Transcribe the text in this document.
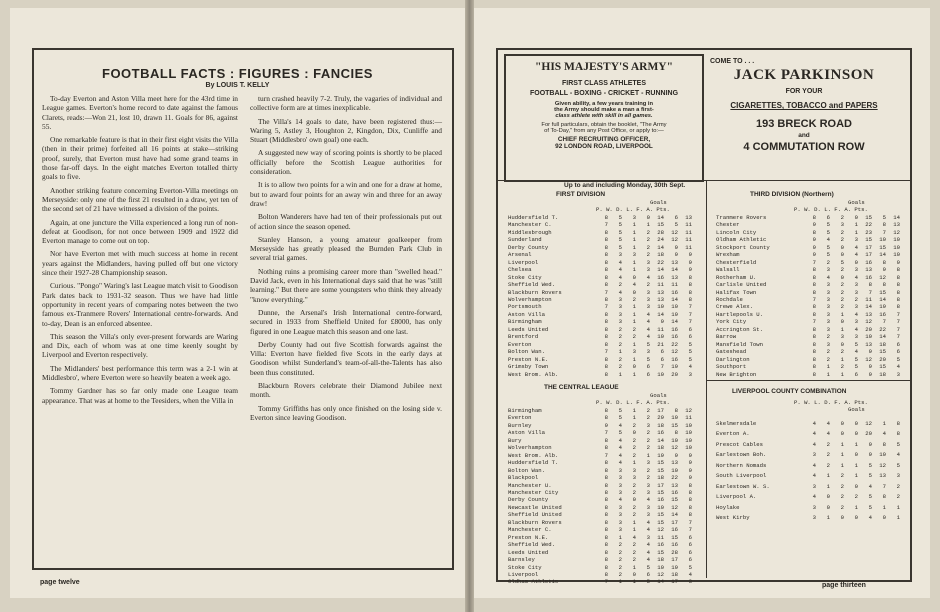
FOOTBALL FACTS : FIGURES : FANCIES
By LOUIS T. KELLY

To-day Everton and Aston Villa meet here for the 43rd time in League games. Everton's home record to date against the famous Clarets, reads:—Won 21, lost 10, drawn 11. Goals for 86, against 55.

One remarkable feature is that in their first eight visits the Villa (then in their prime) forfeited all 16 points at stake—striking proof, surely, that Everton must have had some grand teams in those far-off days. In the eight matches Everton totalled thirty goals to five.

Another striking feature concerning Everton-Villa meetings on Merseyside: only one of the first 21 resulted in a draw, yet ten of the second set of 21 have witnessed a division of the points.

Again, at one juncture the Villa experienced a long run of non-defeat at Goodison, for not once between 1909 and 1922 did Everton manage to come out on top.

Nor have Everton met with much success at home in recent years against the Midlanders, having pulled off but one victory since their 1927-28 Championship season.

Curious. "Pongo" Waring's last League match visit to Goodison Park dates back to 1931-32 season. Thus we have had little opportunity in recent years of comparing notes between the two famous ex-Tranmere Rovers' International centre-forwards. And to-day, Dean is an enforced absentee.

This season the Villa's only ever-present forwards are Waring and Dix, each of whom was at one time keenly sought by Liverpool and Everton respectively.

The Midlanders' best performance this term was a 2-1 win at Middlesbro', where Everton were so heavily beaten a week ago.

Tommy Gardner has so far only made one League team appearance. That was at home to the Teesiders, when the Villa in

turn crashed heavily 7-2. Truly, the vagaries of individual and collective form are at times inexplicable.

The Villa's 14 goals to date, have been registered thus:—Waring 5, Astley 3, Houghton 2, Kingdon, Dix, Cunliffe and Stuart (Middlesbro' own goal) one each.

A suggested new way of scoring points is shortly to be placed officially before the Scottish League authorities for consideration.

It is to allow two points for a win and one for a draw at home, but to award four points for an away win and three for an away draw!

Bolton Wanderers have had ten of their professionals put out of action since the season opened.

Stanley Hanson, a young amateur goalkeeper from Merseyside has greatly pleased the Burnden Park Club in several trial games.

Nothing ruins a promising career more than "swelled head." David Jack, even in his International days said that he was "still learning." But there are some youngsters who think they already "know everything."

Dunne, the Arsenal's Irish International centre-forward, secured in 1933 from Sheffield United for £8000, has only figured in one League match this season and one last.

Derby County had out five Scottish forwards against the Villa: Everton have fielded five Scots in the early days at Goodison whilst Sunderland's team-of-all-the-Talents has also been thus constituted.

Blackburn Rovers celebrate their Diamond Jubilee next month.

Tommy Griffiths has only once finished on the losing side v. Everton since leaving Goodison.

page twelve
"HIS MAJESTY'S ARMY"
FIRST CLASS ATHLETES
FOOTBALL - BOXING - CRICKET - RUNNING
Given ability, a few years training in
the Army should make a man a first-
class athlete with skill in all games.
For full particulars, obtain the booklet, "The Army
of To-Day," from any Post Office, or apply to:—
CHIEF RECRUITING OFFICER,
92 LONDON ROAD, LIVERPOOL
COME TO . . .
JACK PARKINSON
FOR YOUR
CIGARETTES, TOBACCO and PAPERS
193 BRECK ROAD
and
4 COMMUTATION ROW
Up to and including Monday, 30th Sept.
FIRST DIVISION
Goals
P. W. D. L. F. A. Pts.
Huddersfield T.	8	5	3	0	14	6	13
Manchester C.	7	5	1	1	15	5	11
Middlesbrough	8	5	1	2	28	12	11
Sunderland	8	5	1	2	24	12	11
Derby County	8	5	1	2	14	9	11
Arsenal	8	3	3	2	18	9	9
Liverpool	8	4	1	3	22	13	9
Chelsea	8	4	1	3	14	14	9
Stoke City	8	4	0	4	16	13	8
Sheffield Wed.	8	2	4	2	11	11	8
Blackburn Rovers	7	4	0	3	13	16	8
Wolverhampton	8	3	2	3	13	14	8
Portsmouth	7	3	1	3	10	10	7
Aston Villa	8	3	1	4	14	19	7
Birmingham	8	3	1	4	9	14	7
Leeds United	8	2	2	4	11	16	6
Brentford	8	2	2	4	10	16	6
Everton	8	2	1	5	21	22	5
Bolton Wan.	7	1	3	3	6	12	5
Preston N.E.	8	2	1	5	6	16	5
Grimsby Town	8	2	0	6	7	19	4
West Brom. Alb.	8	1	1	6	10	20	3
THE CENTRAL LEAGUE
Goals
P. W. D. L. F. A. Pts.
Birmingham	8	5	1	2	17	8	12
Everton	8	5	1	2	29	10	11
Burnley	9	4	2	3	18	15	10
Aston Villa	7	5	0	2	16	8	10
Bury	8	4	2	2	14	10	10
Wolverhampton	8	4	2	2	18	12	10
West Brom. Alb.	7	4	2	1	19	9	9
Huddersfield T.	8	4	1	3	15	13	9
Bolton Wan.	8	3	3	2	15	10	9
Blackpool	8	3	3	2	18	22	9
Manchester U.	8	3	2	3	17	13	8
Manchester City	8	3	2	3	15	16	8
Derby County	8	4	0	4	16	15	8
Newcastle United	8	3	2	3	10	12	8
Sheffield United	8	3	2	3	15	14	8
Blackburn Rovers	8	3	1	4	15	17	7
Manchester C.	8	3	1	4	12	16	7
Preston N.E.	8	1	4	3	11	15	6
Sheffield Wed.	8	2	2	4	16	16	6
Leeds United	8	2	2	4	15	28	6
Barnsley	8	2	2	4	18	17	6
Stoke City	8	2	1	5	10	19	5
Liverpool	8	2	0	6	12	18	4
Oldham Athletic	7	1	1	5	14	17	3
THIRD DIVISION (Northern)
Goals
P. W. D. L. F. A. Pts.
Tranmere Rovers	8	6	2	0	15	5	14
Chester	9	5	3	1	22	8	13
Lincoln City	8	5	2	1	23	7	12
Oldham Athletic	9	4	2	3	15	10	10
Stockport County	9	5	0	4	17	15	10
Wrexham	9	5	0	4	17	14	10
Chesterfield	7	2	5	0	16	8	9
Walsall	8	3	2	3	13	9	8
Rotherham U.	8	4	0	4	16	12	8
Carlisle United	8	3	2	3	8	8	8
Halifax Town	8	3	2	3	7	15	8
Rochdale	7	3	2	2	11	14	8
Crewe Alex.	8	3	2	3	14	19	8
Hartlepools U.	8	3	1	4	13	16	7
York City	7	3	0	3	12	7	7
Accrington St.	8	3	1	4	20	22	7
Barrow	8	2	3	3	10	14	7
Mansfield Town	8	3	0	5	13	18	6
Gateshead	8	2	2	4	9	15	6
Darlington	8	2	1	5	12	20	5
Southport	8	1	2	5	9	15	4
New Brighton	8	1	1	6	9	18	3
LIVERPOOL COUNTY COMBINATION
P. W. L. D. F. A. Pts.
Goals
Skelmersdale	4	4	0	0	12	1	8
Everton A.	4	4	0	0	20	4	8
Prescot Cables	4	2	1	1	9	8	5
Earlestown Boh.	3	2	1	0	9	10	4
Northern Nomads	4	2	1	1	5	12	5
South Liverpool	4	1	2	1	5	13	3
Earlestown W. S.	3	1	2	0	4	7	2
Liverpool A.	4	0	2	2	5	8	2
Hoylake	3	0	2	1	5	1	1
West Kirby	3	1	0	0	4	0	1
page thirteen
